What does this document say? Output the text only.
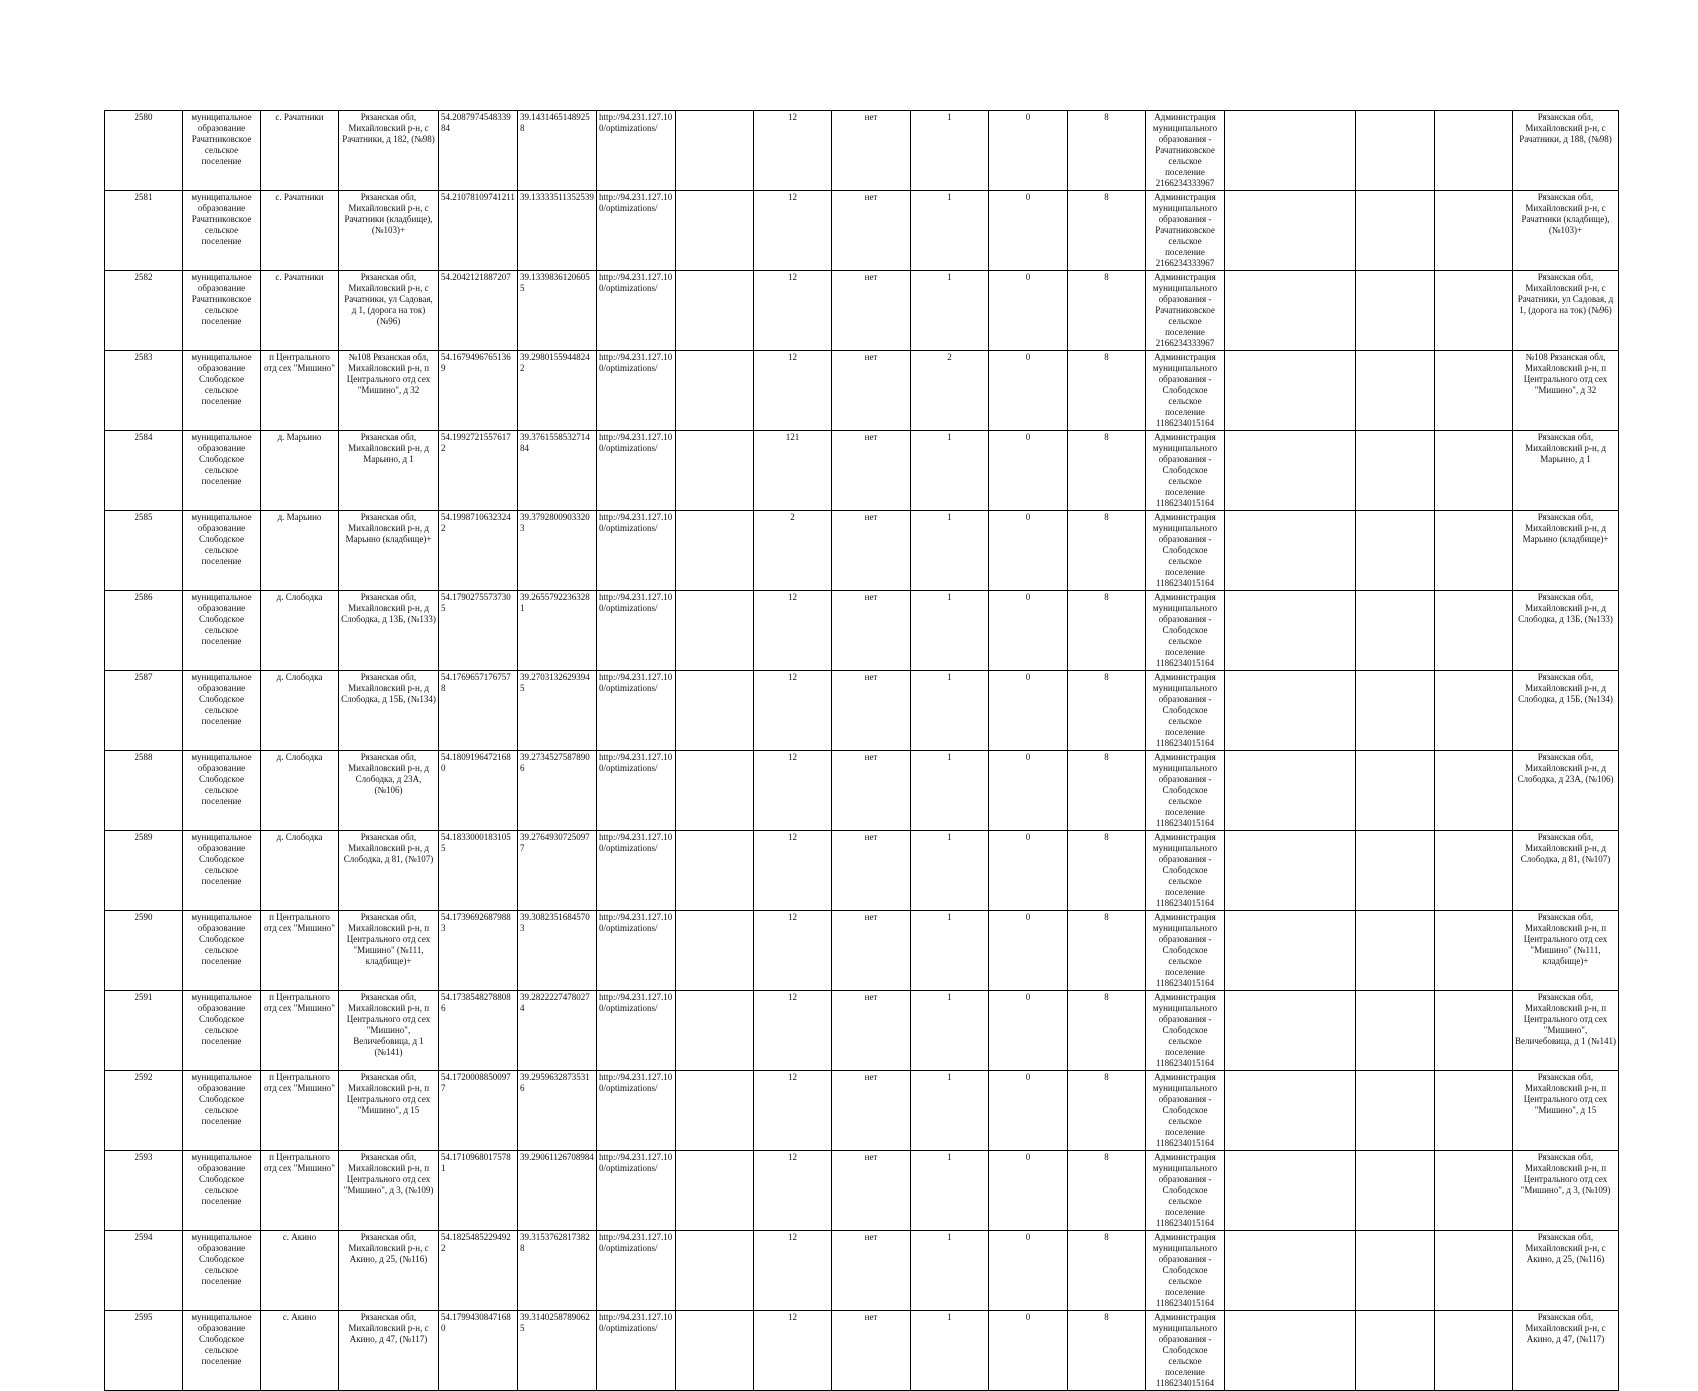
2580	муниципальное образование Рачатниковское сельское поселение	с. Рачатники	Рязанская обл, Михайловский р-н, с Рачатники, д 182, (№98)	54.208797454833984	39.14314651489258	http://94.231.127.100/optimizations/		12	нет	1	0	8	Администрация муниципального образования - Рачатниковское сельское поселение 2166234333967				Рязанская обл, Михайловский р-н, с Рачатники, д 188, (№98)
2581	муниципальное образование Рачатниковское сельское поселение	с. Рачатники	Рязанская обл, Михайловский р-н, с Рачатники (кладбище), (№103)+	54.21078109741211	39.13333511352539	http://94.231.127.100/optimizations/		12	нет	1	0	8	Администрация муниципального образования - Рачатниковское сельское поселение 2166234333967				Рязанская обл, Михайловский р-н, с Рачатники (кладбище), (№103)+
2582	муниципальное образование Рачатниковское сельское поселение	с. Рачатники	Рязанская обл, Михайловский р-н, с Рачатники, ул Садовая, д 1, (дорога на ток) (№96)	54.2042121887207	39.13398361206055	http://94.231.127.100/optimizations/		12	нет	1	0	8	Администрация муниципального образования - Рачатниковское сельское поселение 2166234333967				Рязанская обл, Михайловский р-н, с Рачатники, ул Садовая, д 1, (дорога на ток) (№96)
2583	муниципальное образование Слободское сельское поселение	п Центрального отд сех "Мишино"	№108 Рязанская обл, Михайловский р-н, п Центрального отд сех "Мишино", д 32	54.16794967651369	39.29801559448242	http://94.231.127.100/optimizations/		12	нет	2	0	8	Администрация муниципального образования - Слободское сельское поселение 1186234015164				№108 Рязанская обл, Михайловский р-н, п Центрального отд сех "Мишино", д 32
2584	муниципальное образование Слободское сельское поселение	д. Марьино	Рязанская обл, Михайловский р-н, д Марьино, д 1	54.19927215576172	39.376155853271484	http://94.231.127.100/optimizations/		121	нет	1	0	8	Администрация муниципального образования - Слободское сельское поселение 1186234015164				Рязанская обл, Михайловский р-н, д Марьино, д 1
2585	муниципальное образование Слободское сельское поселение	д. Марьино	Рязанская обл, Михайловский р-н, д Марьино (кладбище)+	54.19987106323242	39.37928009033203	http://94.231.127.100/optimizations/		2	нет	1	0	8	Администрация муниципального образования - Слободское сельское поселение 1186234015164				Рязанская обл, Михайловский р-н, д Марьино (кладбище)+
2586	муниципальное образование Слободское сельское поселение	д. Слободка	Рязанская обл, Михайловский р-н, д Слободка, д 13Б, (№133)	54.17902755737305	39.26557922363281	http://94.231.127.100/optimizations/		12	нет	1	0	8	Администрация муниципального образования - Слободское сельское поселение 1186234015164				Рязанская обл, Михайловский р-н, д Слободка, д 13Б, (№133)
2587	муниципальное образование Слободское сельское поселение	д. Слободка	Рязанская обл, Михайловский р-н, д Слободка, д 15Б, (№134)	54.17696571767578	39.27031326293945	http://94.231.127.100/optimizations/		12	нет	1	0	8	Администрация муниципального образования - Слободское сельское поселение 1186234015164				Рязанская обл, Михайловский р-н, д Слободка, д 15Б, (№134)
2588	муниципальное образование Слободское сельское поселение	д. Слободка	Рязанская обл, Михайловский р-н, д Слободка, д 23А, (№106)	54.18091964721680	39.27345275878906	http://94.231.127.100/optimizations/		12	нет	1	0	8	Администрация муниципального образования - Слободское сельское поселение 1186234015164				Рязанская обл, Михайловский р-н, д Слободка, д 23А, (№106)
2589	муниципальное образование Слободское сельское поселение	д. Слободка	Рязанская обл, Михайловский р-н, д Слободка, д 81, (№107)	54.18330001831055	39.27649307250977	http://94.231.127.100/optimizations/		12	нет	1	0	8	Администрация муниципального образования - Слободское сельское поселение 1186234015164				Рязанская обл, Михайловский р-н, д Слободка, д 81, (№107)
2590	муниципальное образование Слободское сельское поселение	п Центрального отд сех "Мишино"	Рязанская обл, Михайловский р-н, п Центрального отд сех "Мишино" (№111, кладбище)+	54.17396926879883	39.30823516845703	http://94.231.127.100/optimizations/		12	нет	1	0	8	Администрация муниципального образования - Слободское сельское поселение 1186234015164				Рязанская обл, Михайловский р-н, п Центрального отд сех "Мишино" (№111, кладбище)+
2591	муниципальное образование Слободское сельское поселение	п Центрального отд сех "Мишино"	Рязанская обл, Михайловский р-н, п Центрального отд сех "Мишино", Величебовица, д 1 (№141)	54.17385482788086	39.28222274780274	http://94.231.127.100/optimizations/		12	нет	1	0	8	Администрация муниципального образования - Слободское сельское поселение 1186234015164				Рязанская обл, Михайловский р-н, п Центрального отд сех "Мишино", Величебовица, д 1 (№141)
2592	муниципальное образование Слободское сельское поселение	п Центрального отд сех "Мишино"	Рязанская обл, Михайловский р-н, п Центрального отд сех "Мишино", д 15	54.17200088500977	39.29596328735316	http://94.231.127.100/optimizations/		12	нет	1	0	8	Администрация муниципального образования - Слободское сельское поселение 1186234015164				Рязанская обл, Михайловский р-н, п Центрального отд сех "Мишино", д 15
2593	муниципальное образование Слободское сельское поселение	п Центрального отд сех "Мишино"	Рязанская обл, Михайловский р-н, п Центрального отд сех "Мишино", д 3, (№109)	54.17109680175781	39.29061126708984	http://94.231.127.100/optimizations/		12	нет	1	0	8	Администрация муниципального образования - Слободское сельское поселение 1186234015164				Рязанская обл, Михайловский р-н, п Центрального отд сех "Мишино", д 3, (№109)
2594	муниципальное образование Слободское сельское поселение	с. Акино	Рязанская обл, Михайловский р-н, с Акино, д 25, (№116)	54.18254852294922	39.31537628173828	http://94.231.127.100/optimizations/		12	нет	1	0	8	Администрация муниципального образования - Слободское сельское поселение 1186234015164				Рязанская обл, Михайловский р-н, с Акино, д 25, (№116)
2595	муниципальное образование Слободское сельское поселение	с. Акино	Рязанская обл, Михайловский р-н, с Акино, д 47, (№117)	54.17994308471680	39.31402587890625	http://94.231.127.100/optimizations/		12	нет	1	0	8	Администрация муниципального образования - Слободское сельское поселение 1186234015164				Рязанская обл, Михайловский р-н, с Акино, д 47, (№117)
